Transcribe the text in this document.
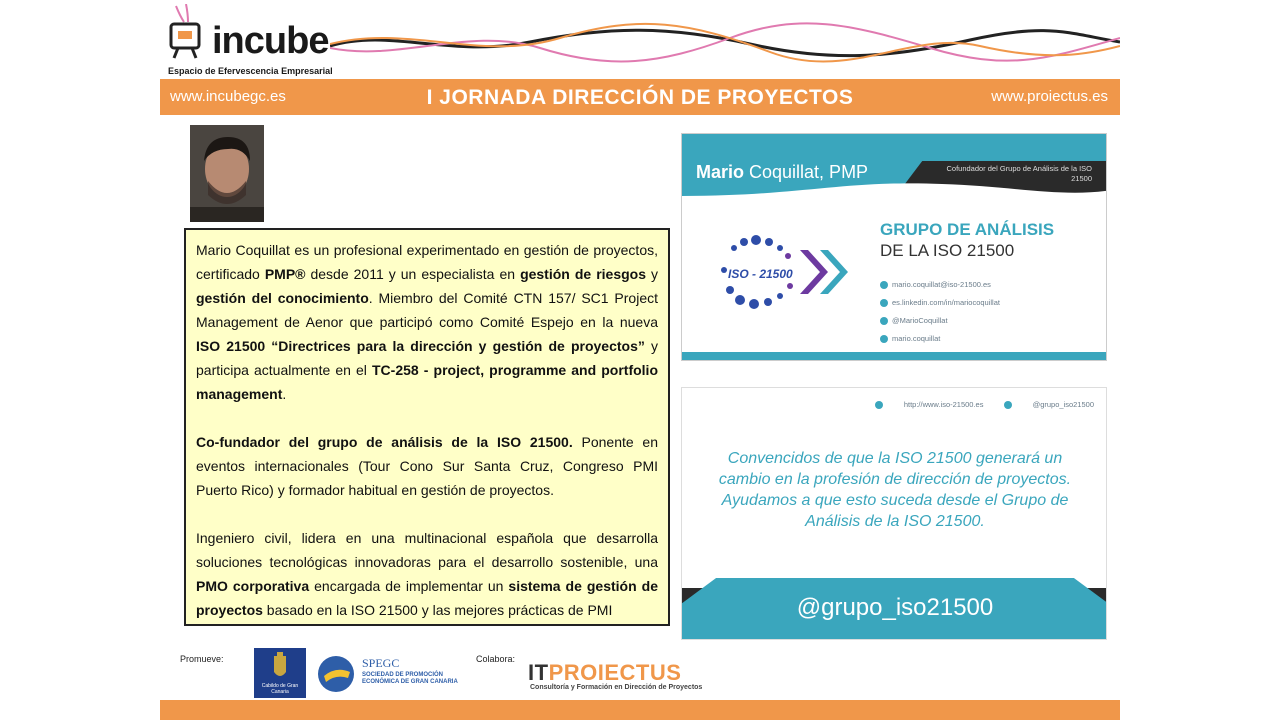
incube
Espacio de Efervescencia Empresarial
www.incubegc.es	I JORNADA DIRECCIÓN DE PROYECTOS	www.proiectus.es

Mario Coquillat es un profesional experimentado en gestión de proyectos, certificado PMP® desde 2011 y un especialista en gestión de riesgos y gestión del conocimiento. Miembro del Comité CTN 157/ SC1 Project Management de Aenor que participó como Comité Espejo en la nueva ISO 21500 “Directrices para la dirección y gestión de proyectos” y participa actualmente en el TC-258 - project, programme and portfolio management.

Co-fundador del grupo de análisis de la ISO 21500. Ponente en eventos internacionales (Tour Cono Sur Santa Cruz, Congreso PMI Puerto Rico) y formador habitual en gestión de proyectos.

Ingeniero civil, lidera en una multinacional española que desarrolla soluciones tecnológicas innovadoras para el desarrollo sostenible, una PMO corporativa encargada de implementar un sistema de gestión de proyectos basado en la ISO 21500 y las mejores prácticas de PMI

Mario Coquillat, PMP	Cofundador del Grupo de Análisis de la ISO 21500
ISO - 21500
GRUPO DE ANÁLISIS
DE LA ISO 21500
mario.coquillat@iso-21500.es
es.linkedin.com/in/mariocoquillat
@MarioCoquillat
mario.coquillat
http://www.iso-21500.es	@grupo_iso21500
Convencidos de que la ISO 21500 generará un cambio en la profesión de dirección de proyectos. Ayudamos a que esto suceda desde el Grupo de Análisis de la ISO 21500.
@grupo_iso21500
Promueve:
Cabildo de Gran Canaria
SPEGC
SOCIEDAD DE PROMOCIÓN ECONÓMICA DE GRAN CANARIA
Colabora:
ITPROIECTUS
Consultoría y Formación en Dirección de Proyectos
